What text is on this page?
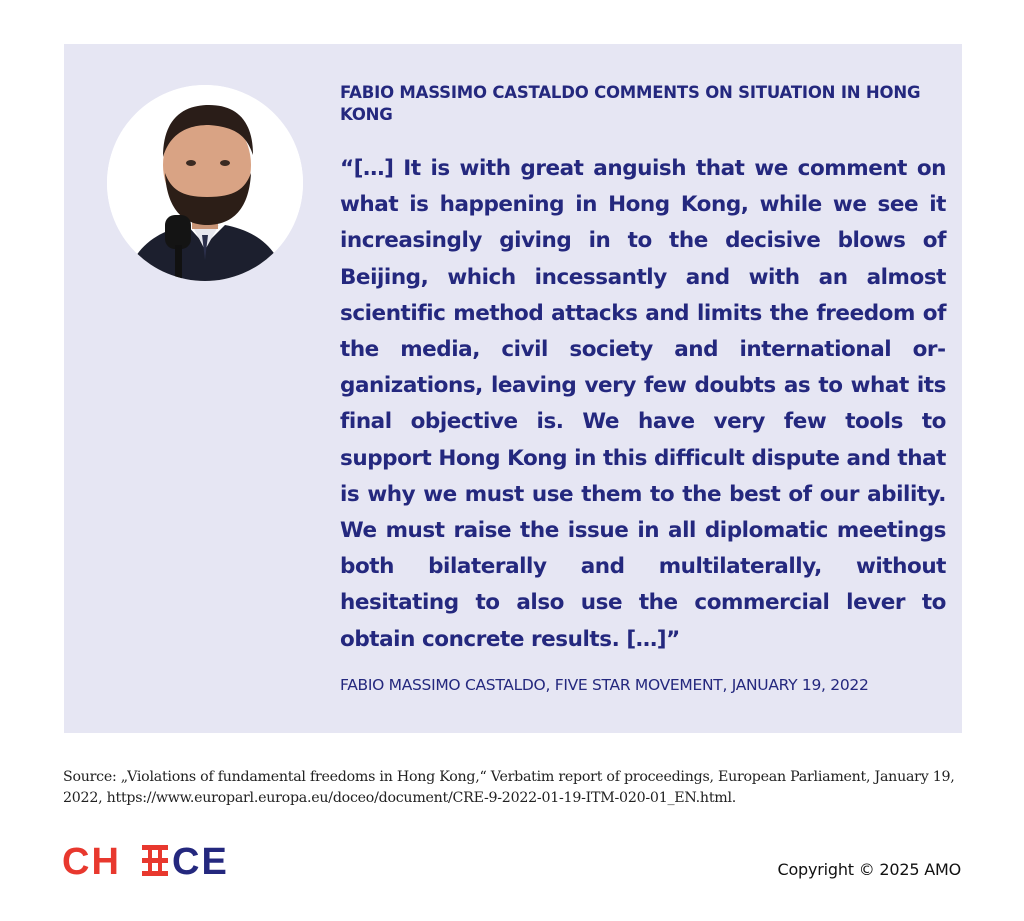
FABIO MASSIMO CASTALDO COMMENTS ON SITUATION IN HONG KONG

“[…] It is with great anguish that we comment on what is happening in Hong Kong, while we see it increasingly giving in to the decisive blows of Beijing, which incessantly and with an almost scientific method attacks and limits the freedom of the media, civil society and international organizations, leaving very few doubts as to what its final objective is. We have very few tools to support Hong Kong in this difficult dispute and that is why we must use them to the best of our ability. We must raise the issue in all diplomatic meetings both bilaterally and multilaterally, without hesitating to also use the commercial lever to obtain concrete results. […]”

FABIO MASSIMO CASTALDO, FIVE STAR MOVEMENT, JANUARY 19, 2022

Source: „Violations of fundamental freedoms in Hong Kong,“ Verbatim report of proceedings, European Parliament, January 19, 2022, https://www.europarl.europa.eu/doceo/document/CRE-9-2022-01-19-ITM-020-01_EN.html.

CH CE	Copyright © 2025 AMO
